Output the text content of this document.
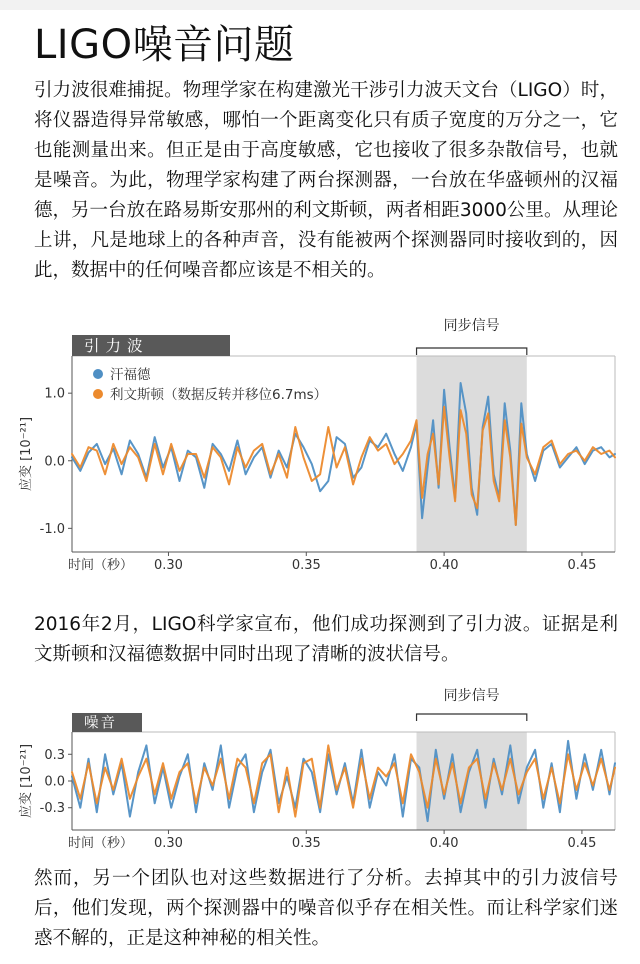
LIGO噪音问题

引力波很难捕捉。物理学家在构建激光干涉引力波天文台（LIGO）时，将仪器造得异常敏感，哪怕一个距离变化只有质子宽度的万分之一，它也能测量出来。但正是由于高度敏感，它也接收了很多杂散信号，也就是噪音。为此，物理学家构建了两台探测器，一台放在华盛顿州的汉福德，另一台放在路易斯安那州的利文斯顿，两者相距3000公里。从理论上讲，凡是地球上的各种声音，没有能被两个探测器同时接收到的，因此，数据中的任何噪音都应该是不相关的。

同步信号
引力波
1.0
0.0
-1.0
0.30	0.35	0.40	0.45
时间（秒）
应变 [10⁻²¹]
汗福德
利文斯顿（数据反转并移位6.7ms）

2016年2月，LIGO科学家宣布，他们成功探测到了引力波。证据是利文斯顿和汉福德数据中同时出现了清晰的波状信号。

同步信号
噪音
0.3
0.0
-0.3
0.30	0.35	0.40	0.45
时间（秒）
应变 [10⁻²¹]

然而，另一个团队也对这些数据进行了分析。去掉其中的引力波信号后，他们发现，两个探测器中的噪音似乎存在相关性。而让科学家们迷惑不解的，正是这种神秘的相关性。
